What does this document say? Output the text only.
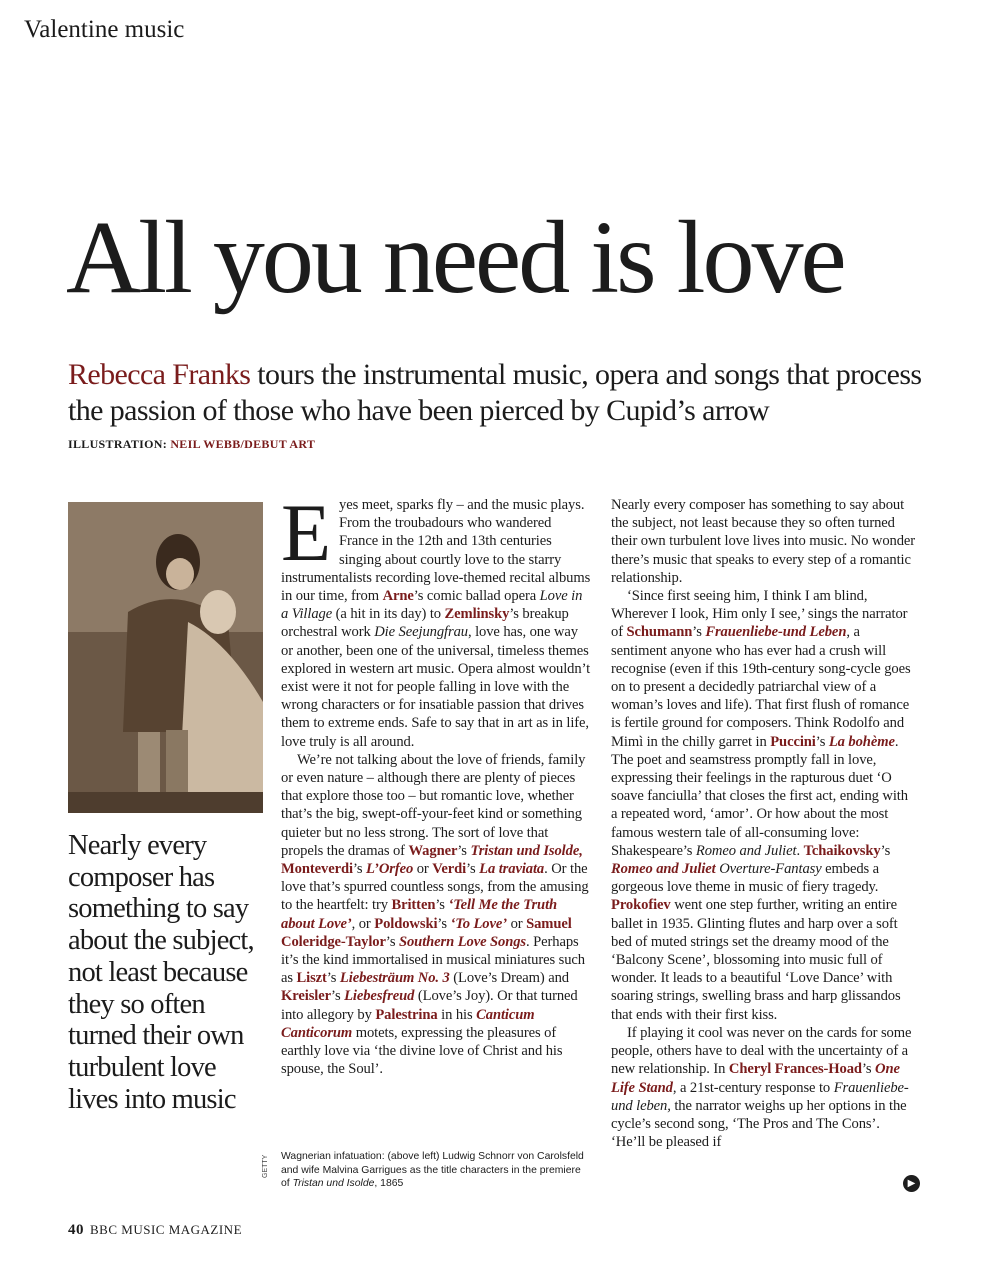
Valentine music
All you need is love
Rebecca Franks tours the instrumental music, opera and songs that process the passion of those who have been pierced by Cupid’s arrow
ILLUSTRATION: NEIL WEBB/DEBUT ART
Nearly every composer has something to say about the subject, not least because they so often turned their own turbulent love lives into music

Eyes meet, sparks fly – and the music plays. From the troubadours who wandered France in the 12th and 13th centuries singing about courtly love to the starry instrumentalists recording love-themed recital albums in our time, from Arne’s comic ballad opera Love in a Village (a hit in its day) to Zemlinsky’s breakup orchestral work Die Seejungfrau, love has, one way or another, been one of the universal, timeless themes explored in western art music. Opera almost wouldn’t exist were it not for people falling in love with the wrong characters or for insatiable passion that drives them to extreme ends. Safe to say that in art as in life, love truly is all around.

We’re not talking about the love of friends, family or even nature – although there are plenty of pieces that explore those too – but romantic love, whether that’s the big, swept-off-your-feet kind or something quieter but no less strong. The sort of love that propels the dramas of Wagner’s Tristan und Isolde, Monteverdi’s L’Orfeo or Verdi’s La traviata. Or the love that’s spurred countless songs, from the amusing to the heartfelt: try Britten’s ‘Tell Me the Truth about Love’, or Poldowski’s ‘To Love’ or Samuel Coleridge-Taylor’s Southern Love Songs. Perhaps it’s the kind immortalised in musical miniatures such as Liszt’s Liebesträum No. 3 (Love’s Dream) and Kreisler’s Liebesfreud (Love’s Joy). Or that turned into allegory by Palestrina in his Canticum Canticorum motets, expressing the pleasures of earthly love via ‘the divine love of Christ and his spouse, the Soul’.

Nearly every composer has something to say about the subject, not least because they so often turned their own turbulent love lives into music. No wonder there’s music that speaks to every step of a romantic relationship.

‘Since first seeing him, I think I am blind, Wherever I look, Him only I see,’ sings the narrator of Schumann’s Frauenliebe-und Leben, a sentiment anyone who has ever had a crush will recognise (even if this 19th-century song-cycle goes on to present a decidedly patriarchal view of a woman’s loves and life). That first flush of romance is fertile ground for composers. Think Rodolfo and Mimì in the chilly garret in Puccini’s La bohème. The poet and seamstress promptly fall in love, expressing their feelings in the rapturous duet ‘O soave fanciulla’ that closes the first act, ending with a repeated word, ‘amor’. Or how about the most famous western tale of all-consuming love: Shakespeare’s Romeo and Juliet. Tchaikovsky’s Romeo and Juliet Overture-Fantasy embeds a gorgeous love theme in music of fiery tragedy. Prokofiev went one step further, writing an entire ballet in 1935. Glinting flutes and harp over a soft bed of muted strings set the dreamy mood of the ‘Balcony Scene’, blossoming into music full of wonder. It leads to a beautiful ‘Love Dance’ with soaring strings, swelling brass and harp glissandos that ends with their first kiss.

If playing it cool was never on the cards for some people, others have to deal with the uncertainty of a new relationship. In Cheryl Frances-Hoad’s One Life Stand, a 21st-century response to Frauenliebe- und leben, the narrator weighs up her options in the cycle’s second song, ‘The Pros and The Cons’. ‘He’ll be pleased if

Wagnerian infatuation: (above left) Ludwig Schnorr von Carolsfeld and wife Malvina Garrigues as the title characters in the premiere of Tristan und Isolde, 1865
GETTY
▶
40 BBC MUSIC MAGAZINE
